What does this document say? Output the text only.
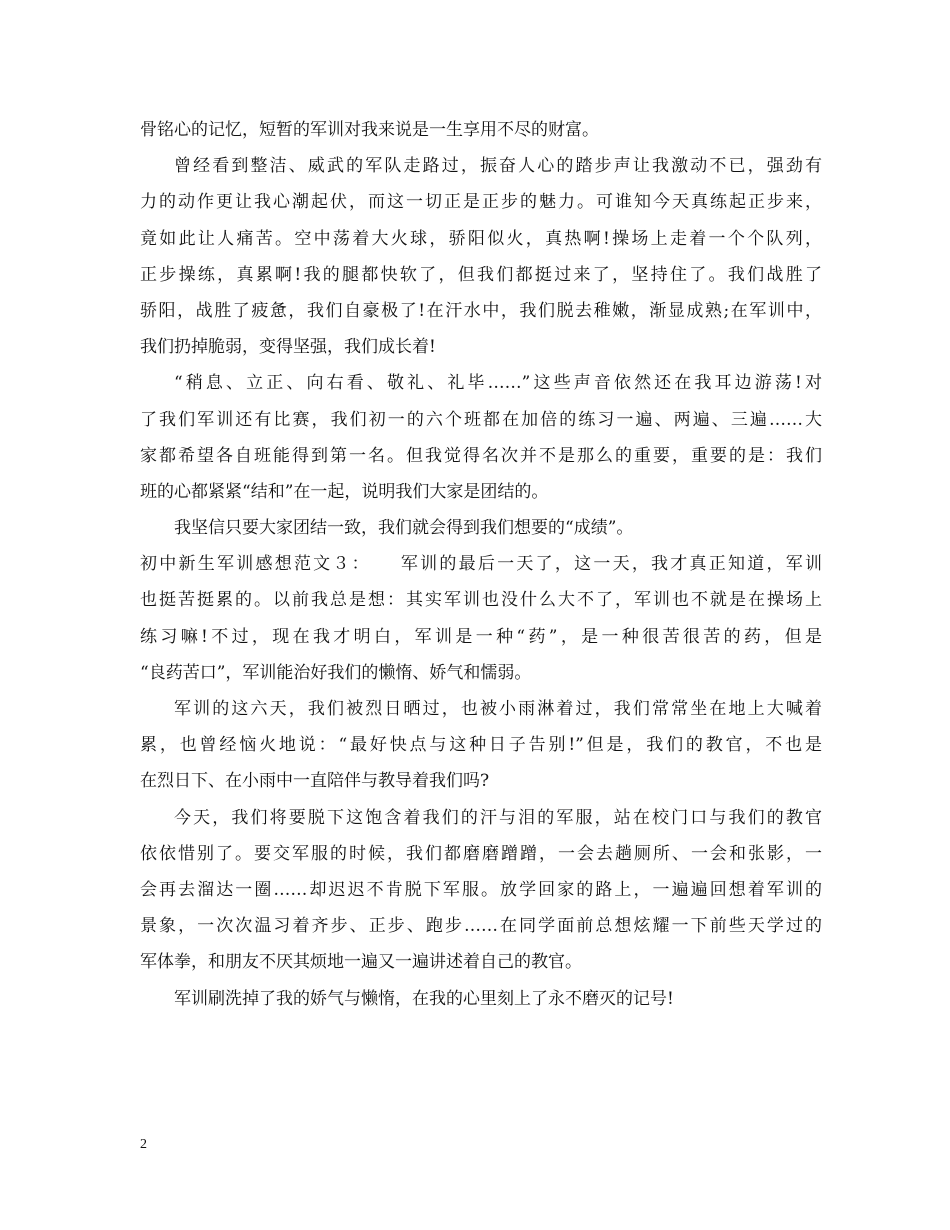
骨铭心的记忆，短暂的军训对我来说是一生享用不尽的财富。
曾经看到整洁、威武的军队走路过，振奋人心的踏步声让我激动不已，强劲有
力的动作更让我心潮起伏，而这一切正是正步的魅力。可谁知今天真练起正步来，
竟如此让人痛苦。空中荡着大火球，骄阳似火，真热啊!操场上走着一个个队列，
正步操练，真累啊!我的腿都快软了，但我们都挺过来了，坚持住了。我们战胜了
骄阳，战胜了疲惫，我们自豪极了!在汗水中，我们脱去稚嫩，渐显成熟;在军训中，
我们扔掉脆弱，变得坚强，我们成长着!
“稍息、立正、向右看、敬礼、礼毕……”这些声音依然还在我耳边游荡!对
了我们军训还有比赛，我们初一的六个班都在加倍的练习一遍、两遍、三遍……大
家都希望各自班能得到第一名。但我觉得名次并不是那么的重要，重要的是：我们
班的心都紧紧“结和”在一起，说明我们大家是团结的。
我坚信只要大家团结一致，我们就会得到我们想要的“成绩”。
初中新生军训感想范文３：　　军训的最后一天了，这一天，我才真正知道，军训
也挺苦挺累的。以前我总是想：其实军训也没什么大不了，军训也不就是在操场上
练习嘛!不过，现在我才明白，军训是一种“药”，是一种很苦很苦的药，但是
“良药苦口”，军训能治好我们的懒惰、娇气和懦弱。
军训的这六天，我们被烈日晒过，也被小雨淋着过，我们常常坐在地上大喊着
累，也曾经恼火地说：“最好快点与这种日子告别!”但是，我们的教官，不也是
在烈日下、在小雨中一直陪伴与教导着我们吗?
今天，我们将要脱下这饱含着我们的汗与泪的军服，站在校门口与我们的教官
依依惜别了。要交军服的时候，我们都磨磨蹭蹭，一会去趟厕所、一会和张影，一
会再去溜达一圈……却迟迟不肯脱下军服。放学回家的路上，一遍遍回想着军训的
景象，一次次温习着齐步、正步、跑步……在同学面前总想炫耀一下前些天学过的
军体拳，和朋友不厌其烦地一遍又一遍讲述着自己的教官。
军训刷洗掉了我的娇气与懒惰，在我的心里刻上了永不磨灭的记号!
2
